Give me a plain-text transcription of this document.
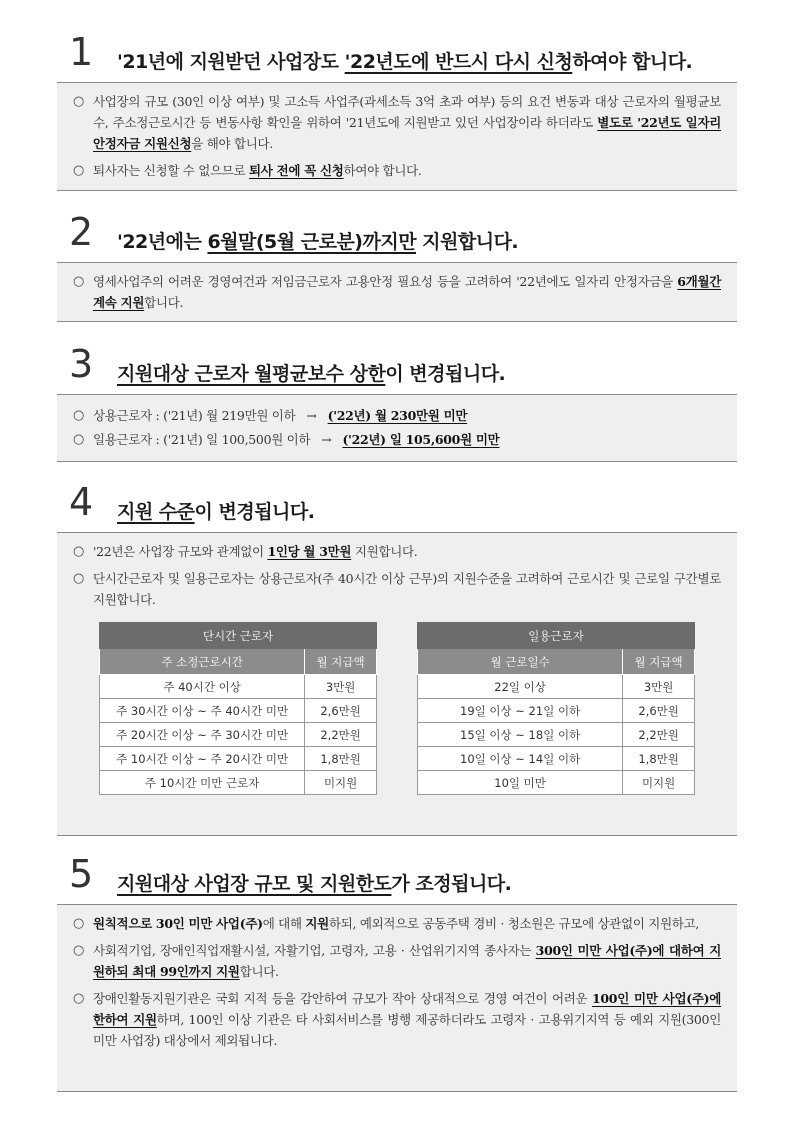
1 '21년에 지원받던 사업장도 '22년도에 반드시 다시 신청하여야 합니다.
○ 사업장의 규모 (30인 이상 여부) 및 고소득 사업주(과세소득 3억 초과 여부) 등의 요건 변동과 대상 근로자의 월평균보수, 주소정근로시간 등 변동사항 확인을 위하여 '21년도에 지원받고 있던 사업장이라 하더라도 별도로 '22년도 일자리 안정자금 지원신청을 해야 합니다.
○ 퇴사자는 신청할 수 없으므로 퇴사 전에 꼭 신청하여야 합니다.
2 '22년에는 6월말(5월 근로분)까지만 지원합니다.
○ 영세사업주의 어려운 경영여건과 저임금근로자 고용안정 필요성 등을 고려하여 '22년에도 일자리 안정자금을 6개월간 계속 지원합니다.
3 지원대상 근로자 월평균보수 상한이 변경됩니다.
○ 상용근로자 : ('21년) 월 219만원 이하   →   ('22년) 월 230만원 미만
○ 일용근로자 : ('21년) 일 100,500원 이하   →   ('22년) 일 105,600원 미만
4 지원 수준이 변경됩니다.
○ '22년은 사업장 규모와 관계없이 1인당 월 3만원 지원합니다.
○ 단시간근로자 및 일용근로자는 상용근로자(주 40시간 이상 근무)의 지원수준을 고려하여 근로시간 및 근로일 구간별로 지원합니다.
단시간 근로자	
주 소정근로시간	월 지급액
주 40시간 이상	3만원
주 30시간 이상 ~ 주 40시간 미만	2,6만원
주 20시간 이상 ~ 주 30시간 미만	2,2만원
주 10시간 이상 ~ 주 20시간 미만	1,8만원
주 10시간 미만 근로자	미지원
일용근로자	
월 근로일수	월 지급액
22일 이상	3만원
19일 이상 ~ 21일 이하	2,6만원
15일 이상 ~ 18일 이하	2,2만원
10일 이상 ~ 14일 이하	1,8만원
10일 미만	미지원
5 지원대상 사업장 규모 및 지원한도가 조정됩니다.
○ 원칙적으로 30인 미만 사업(주)에 대해 지원하되, 예외적으로 공동주택 경비 · 청소원은 규모에 상관없이 지원하고,
○ 사회적기업, 장애인직업재활시설, 자활기업, 고령자, 고용 · 산업위기지역 종사자는 300인 미만 사업(주)에 대하여 지원하되 최대 99인까지 지원합니다.
○ 장애인활동지원기관은 국회 지적 등을 감안하여 규모가 작아 상대적으로 경영 여건이 어려운 100인 미만 사업(주)에 한하여 지원하며, 100인 이상 기관은 타 사회서비스를 병행 제공하더라도 고령자 · 고용위기지역 등 예외 지원(300인 미만 사업장) 대상에서 제외됩니다.
